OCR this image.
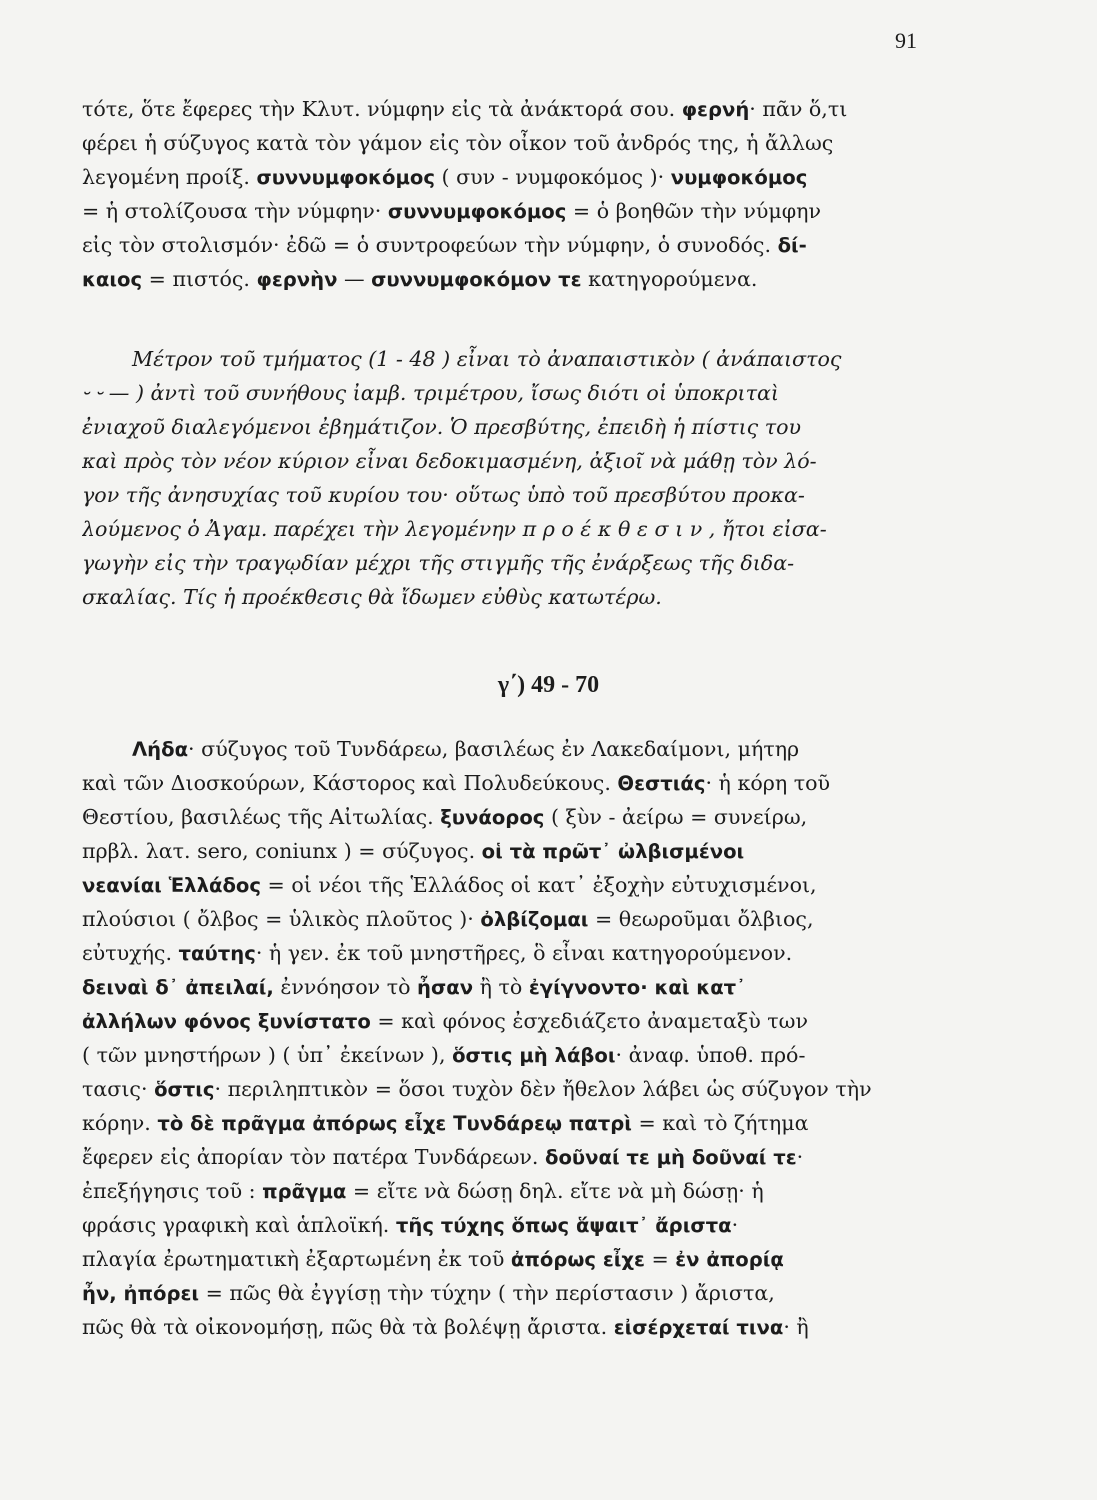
91
τότε, ὅτε ἔφερες τὴν Κλυτ. νύμφην εἰς τὰ ἀνάκτορά σου. φερνή· πᾶν ὅ,τι
φέρει ἡ σύζυγος κατὰ τὸν γάμον εἰς τὸν οἶκον τοῦ ἀνδρός της, ἡ ἄλλως
λεγομένη προίξ. συννυμφοκόμος ( συν - νυμφοκόμος )· νυμφοκόμος
= ἡ στολίζουσα τὴν νύμφην· συννυμφοκόμος = ὁ βοηθῶν τὴν νύμφην
εἰς τὸν στολισμόν· ἐδῶ = ὁ συντροφεύων τὴν νύμφην, ὁ συνοδός. δί-
καιος = πιστός. φερνὴν — συννυμφοκόμον τε κατηγορούμενα.
Μέτρον τοῦ τμήματος (1 - 48 ) εἶναι τὸ ἀναπαιστικὸν ( ἀνάπαιστος
⏑ ⏑ — ) ἀντὶ τοῦ συνήθους ἰαμβ. τριμέτρου, ἴσως διότι οἱ ὑποκριταὶ
ἐνιαχοῦ διαλεγόμενοι ἐβημάτιζον. Ὁ πρεσβύτης, ἐπειδὴ ἡ πίστις του
καὶ πρὸς τὸν νέον κύριον εἶναι δεδοκιμασμένη, ἀξιοῖ νὰ μάθῃ τὸν λό-
γον τῆς ἀνησυχίας τοῦ κυρίου του· οὕτως ὑπὸ τοῦ πρεσβύτου προκα-
λούμενος ὁ Ἀγαμ. παρέχει τὴν λεγομένην π ρ ο έ κ θ ε σ ι ν , ἤτοι εἰσα-
γωγὴν εἰς τὴν τραγῳδίαν μέχρι τῆς στιγμῆς τῆς ἐνάρξεως τῆς διδα-
σκαλίας. Τίς ἡ προέκθεσις θὰ ἴδωμεν εὐθὺς κατωτέρω.
γ΄) 49 - 70
Λήδα· σύζυγος τοῦ Τυνδάρεω, βασιλέως ἐν Λακεδαίμονι, μήτηρ
καὶ τῶν Διοσκούρων, Κάστορος καὶ Πολυδεύκους. Θεστιάς· ἡ κόρη τοῦ
Θεστίου, βασιλέως τῆς Αἰτωλίας. ξυνάορος ( ξὺν - ἀείρω = συνείρω,
πρβλ. λατ. sero, coniunx ) = σύζυγος. οἱ τὰ πρῶτ᾽ ὠλβισμένοι
νεανίαι Ἑλλάδος = οἱ νέοι τῆς Ἑλλάδος οἱ κατ᾽ ἐξοχὴν εὐτυχισμένοι,
πλούσιοι ( ὄλβος = ὑλικὸς πλοῦτος )· ὀλβίζομαι = θεωροῦμαι ὄλβιος,
εὐτυχής. ταύτης· ἡ γεν. ἐκ τοῦ μνηστῆρες, ὃ εἶναι κατηγορούμενον.
δειναὶ δ᾽ ἀπειλαί, ἐννόησον τὸ ἦσαν ἢ τὸ ἐγίγνοντο· καὶ κατ᾽
ἀλλήλων φόνος ξυνίστατο = καὶ φόνος ἐσχεδιάζετο ἀναμεταξὺ των
( τῶν μνηστήρων ) ( ὑπ᾽ ἐκείνων ), ὅστις μὴ λάβοι· ἀναφ. ὑποθ. πρό-
τασις· ὅστις· περιληπτικὸν = ὅσοι τυχὸν δὲν ἤθελον λάβει ὡς σύζυγον τὴν
κόρην. τὸ δὲ πρᾶγμα ἀπόρως εἶχε Τυνδάρεῳ πατρὶ = καὶ τὸ ζήτημα
ἔφερεν εἰς ἀπορίαν τὸν πατέρα Τυνδάρεων. δοῦναί τε μὴ δοῦναί τε·
ἐπεξήγησις τοῦ : πρᾶγμα = εἴτε νὰ δώσῃ δηλ. εἴτε νὰ μὴ δώσῃ· ἡ
φράσις γραφικὴ καὶ ἁπλοϊκή. τῆς τύχης ὅπως ἅψαιτ᾽ ἄριστα·
πλαγία ἐρωτηματικὴ ἐξαρτωμένη ἐκ τοῦ ἀπόρως εἶχε = ἐν ἀπορίᾳ
ἦν, ἠπόρει = πῶς θὰ ἐγγίσῃ τὴν τύχην ( τὴν περίστασιν ) ἄριστα,
πῶς θὰ τὰ οἰκονομήσῃ, πῶς θὰ τὰ βολέψῃ ἄριστα. εἰσέρχεταί τινα· ἢ
